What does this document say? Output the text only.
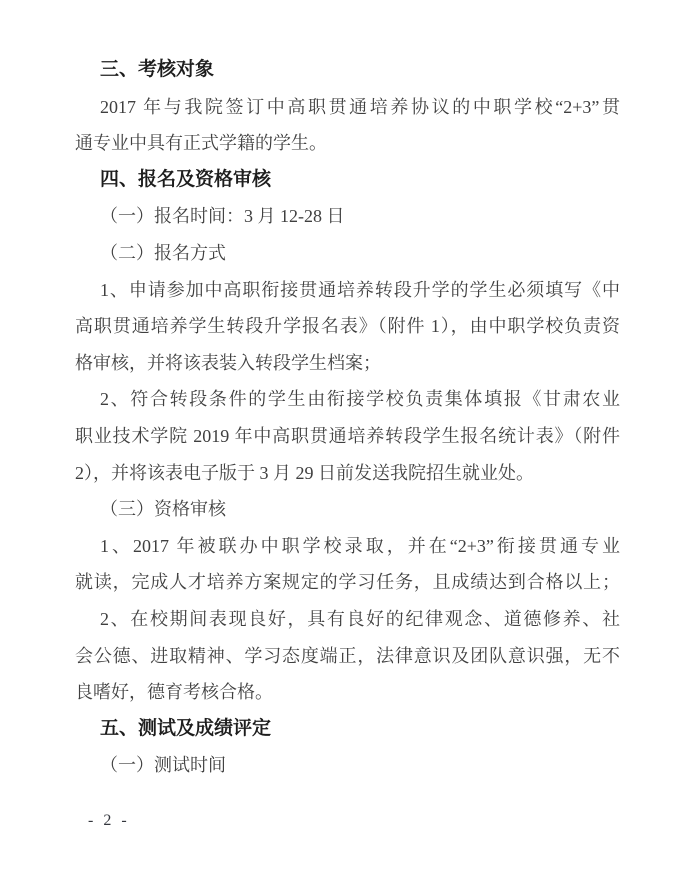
三、考核对象
2017 年与我院签订中高职贯通培养协议的中职学校“2+3”贯
通专业中具有正式学籍的学生。
四、报名及资格审核
（一）报名时间：3 月 12-28 日
（二）报名方式
1、申请参加中高职衔接贯通培养转段升学的学生必须填写《中
高职贯通培养学生转段升学报名表》（附件 1），由中职学校负责资
格审核，并将该表装入转段学生档案；
2、符合转段条件的学生由衔接学校负责集体填报《甘肃农业
职业技术学院 2019 年中高职贯通培养转段学生报名统计表》（附件
2），并将该表电子版于 3 月 29 日前发送我院招生就业处。
（三）资格审核
1、2017 年被联办中职学校录取，并在“2+3”衔接贯通专业
就读，完成人才培养方案规定的学习任务，且成绩达到合格以上；
2、在校期间表现良好，具有良好的纪律观念、道德修养、社
会公德、进取精神、学习态度端正，法律意识及团队意识强，无不
良嗜好，德育考核合格。
五、测试及成绩评定
（一）测试时间
- 2 -
